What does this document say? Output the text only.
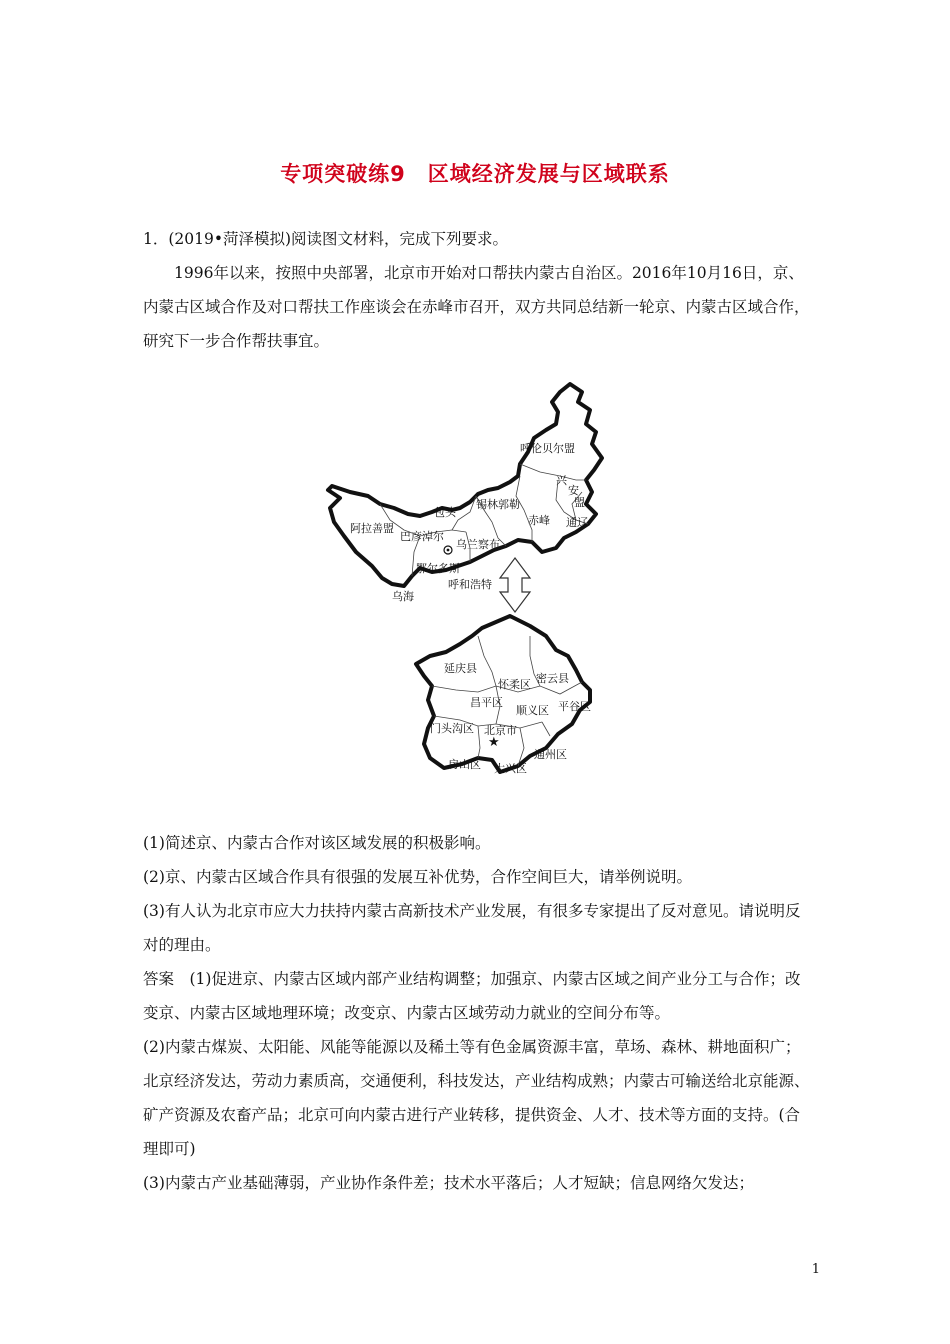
专项突破练9　区域经济发展与区域联系

1．(2019•菏泽模拟)阅读图文材料，完成下列要求。

1996年以来，按照中央部署，北京市开始对口帮扶内蒙古自治区。2016年10月16日，京、内蒙古区域合作及对口帮扶工作座谈会在赤峰市召开，双方共同总结新一轮京、内蒙古区域合作，研究下一步合作帮扶事宜。

★
呼伦贝尔盟
兴
安
盟
锡林郭勒
赤峰 通辽
包头
阿拉善盟
巴彦淖尔
乌兰察布
鄂尔多斯
呼和浩特
乌海
延庆县
怀柔区 密云县
昌平区
顺义区 平谷区
门头沟区 北京市
通州区
房山区 大兴区

(1)简述京、内蒙古合作对该区域发展的积极影响。

(2)京、内蒙古区域合作具有很强的发展互补优势，合作空间巨大，请举例说明。

(3)有人认为北京市应大力扶持内蒙古高新技术产业发展，有很多专家提出了反对意见。请说明反对的理由。

答案　(1)促进京、内蒙古区域内部产业结构调整；加强京、内蒙古区域之间产业分工与合作；改变京、内蒙古区域地理环境；改变京、内蒙古区域劳动力就业的空间分布等。

(2)内蒙古煤炭、太阳能、风能等能源以及稀土等有色金属资源丰富，草场、森林、耕地面积广；北京经济发达，劳动力素质高，交通便利，科技发达，产业结构成熟；内蒙古可输送给北京能源、矿产资源及农畜产品；北京可向内蒙古进行产业转移，提供资金、人才、技术等方面的支持。(合理即可)

(3)内蒙古产业基础薄弱，产业协作条件差；技术水平落后；人才短缺；信息网络欠发达；

1
